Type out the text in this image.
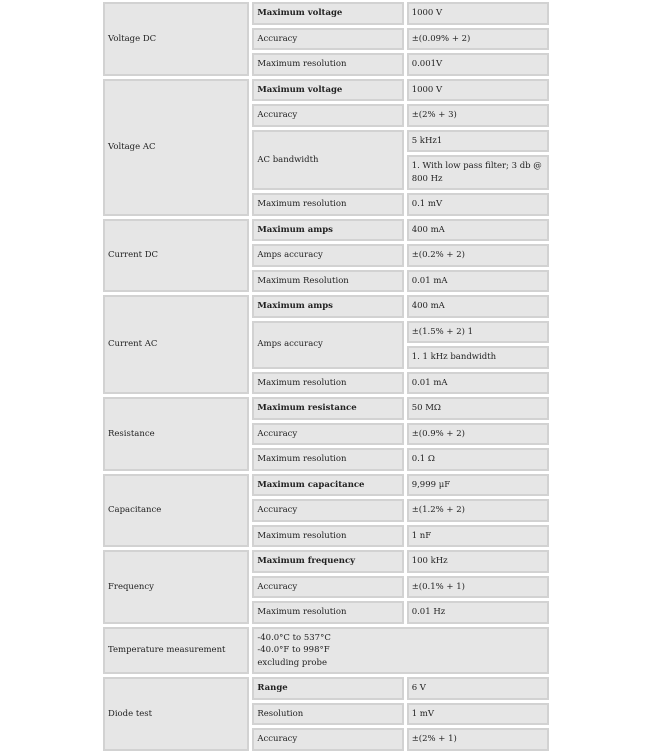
Voltage DC	Maximum voltage	1000 V
	Accuracy	±(0.09% + 2)
	Maximum resolution	0.001V
Voltage AC	Maximum voltage	1000 V
	Accuracy	±(2% + 3)
	AC bandwidth	5 kHz1
		1. With low pass filter; 3 db @ 800 Hz
	Maximum resolution	0.1 mV
Current DC	Maximum amps	400 mA
	Amps accuracy	±(0.2% + 2)
	Maximum Resolution	0.01 mA
Current AC	Maximum amps	400 mA
	Amps accuracy	±(1.5% + 2) 1
		1. 1 kHz bandwidth
	Maximum resolution	0.01 mA
Resistance	Maximum resistance	50 MΩ
	Accuracy	±(0.9% + 2)
	Maximum resolution	0.1 Ω
Capacitance	Maximum capacitance	9,999 μF
	Accuracy	±(1.2% + 2)
	Maximum resolution	1 nF
Frequency	Maximum frequency	100 kHz
	Accuracy	±(0.1% + 1)
	Maximum resolution	0.01 Hz
Temperature measurement	-40.0°C to 537°C
-40.0°F to 998°F
excluding probe	

Diode test	Range	6 V
	Resolution	1 mV
	Accuracy	±(2% + 1)
